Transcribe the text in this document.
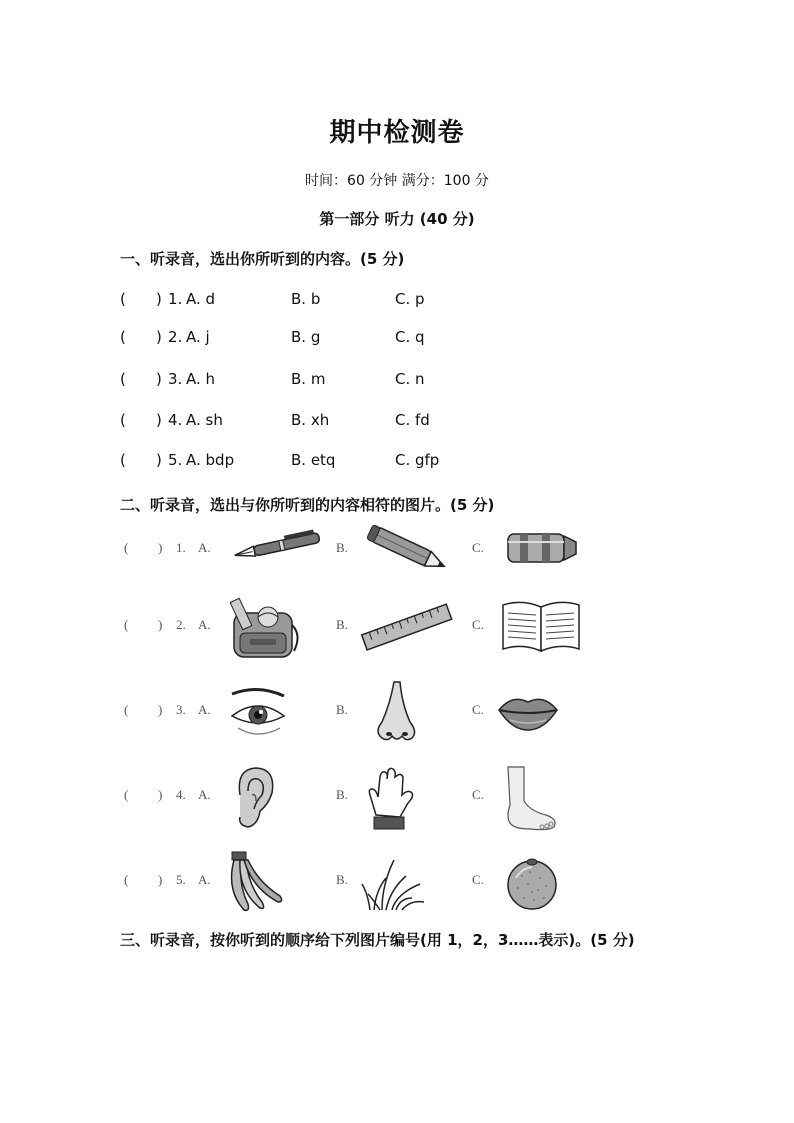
期中检测卷
时间：60 分钟 满分：100 分
第一部分 听力 (40 分)
一、听录音，选出你所听到的内容。(5 分)
( ) 1. A. d	B. b	C. p
( ) 2. A. j	B. g	C. q
( ) 3. A. h	B. m	C. n
( ) 4. A. sh	B. xh	C. fd
( ) 5. A. bdp	B. etq	C. gfp
二、听录音，选出与你所听到的内容相符的图片。(5 分)
( ) 1. A.	B.	C.
( ) 2. A.	B.	C.
( ) 3. A.	B.	C.
( ) 4. A.	B.	C.
( ) 5. A.	B.	C.
三、听录音，按你听到的顺序给下列图片编号(用 1，2，3……表示)。(5 分)
